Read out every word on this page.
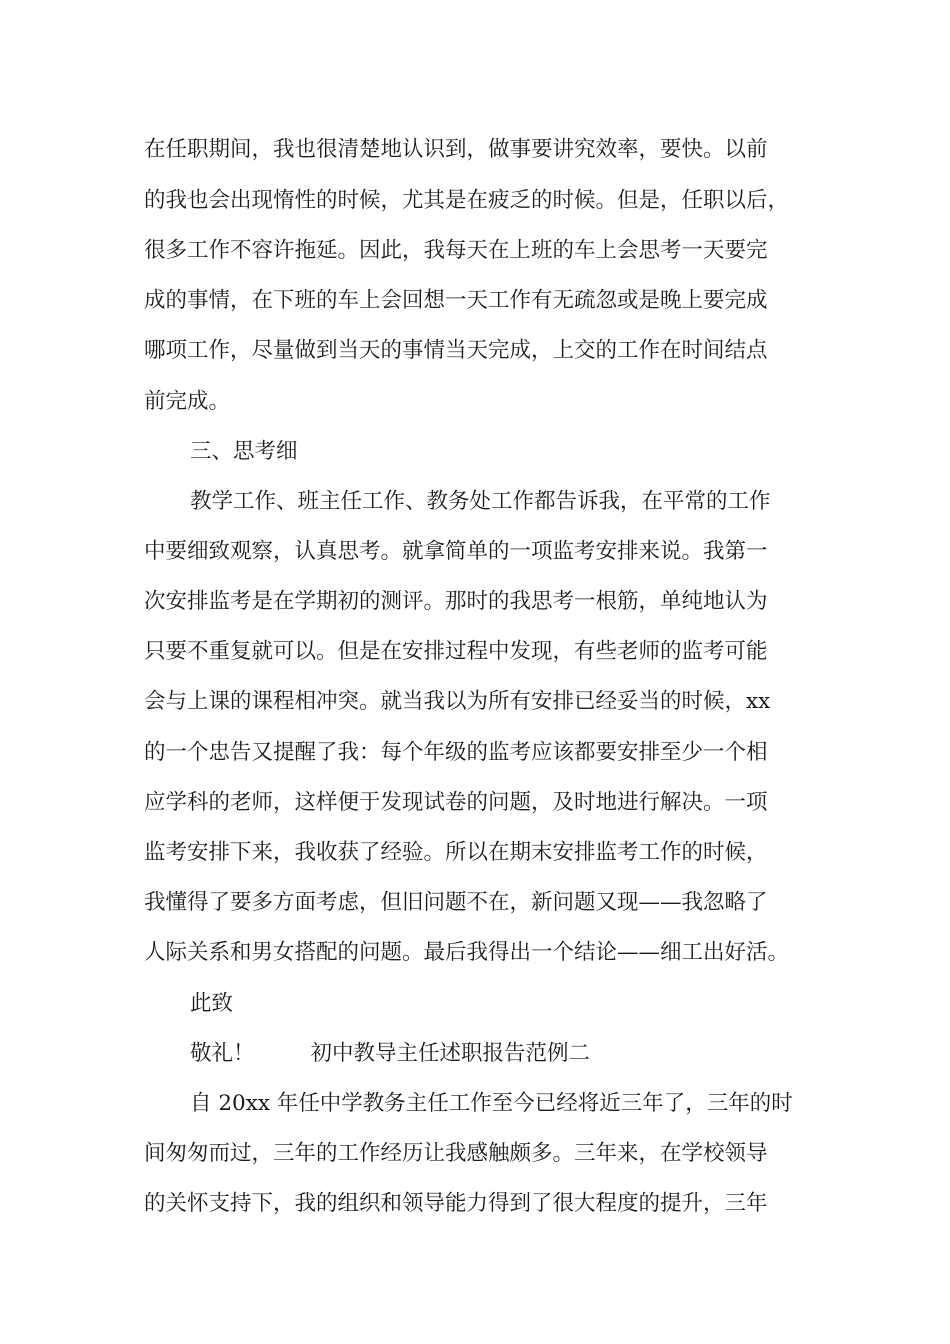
在任职期间，我也很清楚地认识到，做事要讲究效率，要快。以前
的我也会出现惰性的时候，尤其是在疲乏的时候。但是，任职以后，
很多工作不容许拖延。因此，我每天在上班的车上会思考一天要完
成的事情，在下班的车上会回想一天工作有无疏忽或是晚上要完成
哪项工作，尽量做到当天的事情当天完成，上交的工作在时间结点
前完成。
三、思考细
教学工作、班主任工作、教务处工作都告诉我，在平常的工作
中要细致观察，认真思考。就拿简单的一项监考安排来说。我第一
次安排监考是在学期初的测评。那时的我思考一根筋，单纯地认为
只要不重复就可以。但是在安排过程中发现，有些老师的监考可能
会与上课的课程相冲突。就当我以为所有安排已经妥当的时候，xx
的一个忠告又提醒了我：每个年级的监考应该都要安排至少一个相
应学科的老师，这样便于发现试卷的问题，及时地进行解决。一项
监考安排下来，我收获了经验。所以在期末安排监考工作的时候，
我懂得了要多方面考虑，但旧问题不在，新问题又现——我忽略了
人际关系和男女搭配的问题。最后我得出一个结论——细工出好活。
此致
敬礼！	初中教导主任述职报告范例二
自 20xx 年任中学教务主任工作至今已经将近三年了，三年的时
间匆匆而过，三年的工作经历让我感触颇多。三年来，在学校领导
的关怀支持下，我的组织和领导能力得到了很大程度的提升，三年
